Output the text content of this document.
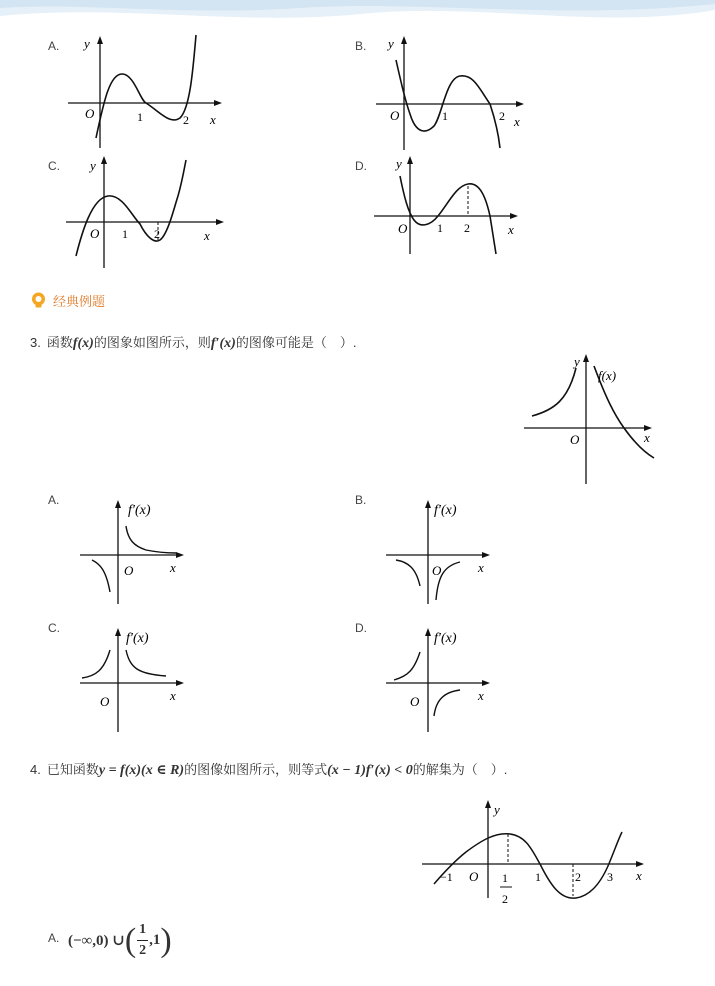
A. y
x
O	1	2
B. y
x
O	1	2
C. y
x
O 1 2
D. y
x
O 1 2
经典例题
3. 函数f(x)的图象如图所示，则f′(x)的图像可能是（　）.
y
f(x)
x
O
A.
f′(x)
x
O
B.
f′(x)
x
O
C.
f′(x)
x
O
D.
f′(x)
x
O
4. 已知函数y = f(x)(x ∈ R)的图像如图所示，则等式(x − 1)f′(x) < 0的解集为（　）.
y
x
−1 O 1
2
1	2 3
A. (−∞,0) ∪ ( $\frac{1}{2} ,1$ )
